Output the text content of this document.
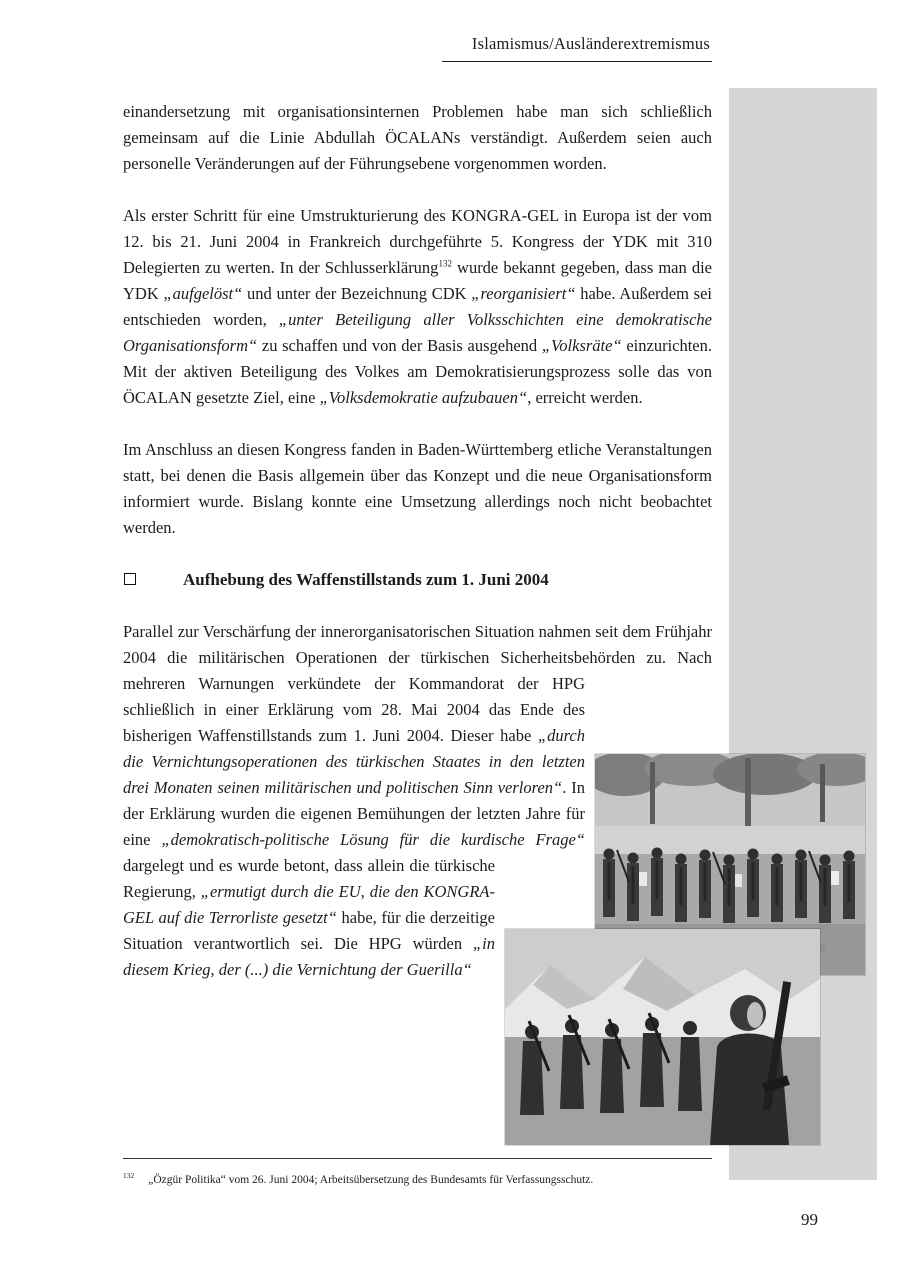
Islamismus/Ausländerextremismus

einandersetzung mit organisationsinternen Problemen habe man sich schließlich gemeinsam auf die Linie Abdullah ÖCALANs verständigt. Außerdem seien auch personelle Veränderungen auf der Führungsebene vorgenommen worden.

Als erster Schritt für eine Umstrukturierung des KONGRA-GEL in Europa ist der vom 12. bis 21. Juni 2004 in Frankreich durchgeführte 5. Kongress der YDK mit 310 Delegierten zu werten. In der Schlusserklärung$^{132}$ wurde bekannt gegeben, dass man die YDK „aufgelöst“ und unter der Bezeichnung CDK „reorganisiert“ habe. Außerdem sei entschieden worden, „unter Beteiligung aller Volksschichten eine demokratische Organisationsform“ zu schaffen und von der Basis ausgehend „Volksräte“ einzurichten. Mit der aktiven Beteiligung des Volkes am Demokratisierungsprozess solle das von ÖCALAN gesetzte Ziel, eine „Volksdemokratie aufzubauen“, erreicht werden.

Im Anschluss an diesen Kongress fanden in Baden-Württemberg etliche Veranstaltungen statt, bei denen die Basis allgemein über das Konzept und die neue Organisationsform informiert wurde. Bislang konnte eine Umsetzung allerdings noch nicht beobachtet werden.

Aufhebung des Waffenstillstands zum 1. Juni 2004

Parallel zur Verschärfung der innerorganisatorischen Situation nahmen seit dem Frühjahr 2004 die militärischen Operationen der türkischen Sicherheitsbehörden zu. Nach mehreren Warnungen verkündete der Kommandorat der HPG schließlich in einer Erklärung vom 28. Mai 2004 das Ende des bisherigen Waffenstillstands zum 1. Juni 2004. Dieser habe „durch die Vernichtungsoperationen des türkischen Staates in den letzten drei Monaten seinen militärischen und politischen Sinn verloren“. In der Erklärung wurden die eigenen Bemühungen der letzten Jahre für eine „demokratisch-politische Lösung für die kurdische Frage“ dargelegt und es wurde betont, dass allein die türkische Regierung, „ermutigt durch die EU, die den KONGRA-GEL auf die Terrorliste gesetzt“ habe, für die derzeitige Situation verantwortlich sei. Die HPG würden „in diesem Krieg, der (...) die Vernichtung der Guerilla“

$^{132}$ „Özgür Politika“ vom 26. Juni 2004; Arbeitsübersetzung des Bundesamts für Verfassungsschutz.
99
